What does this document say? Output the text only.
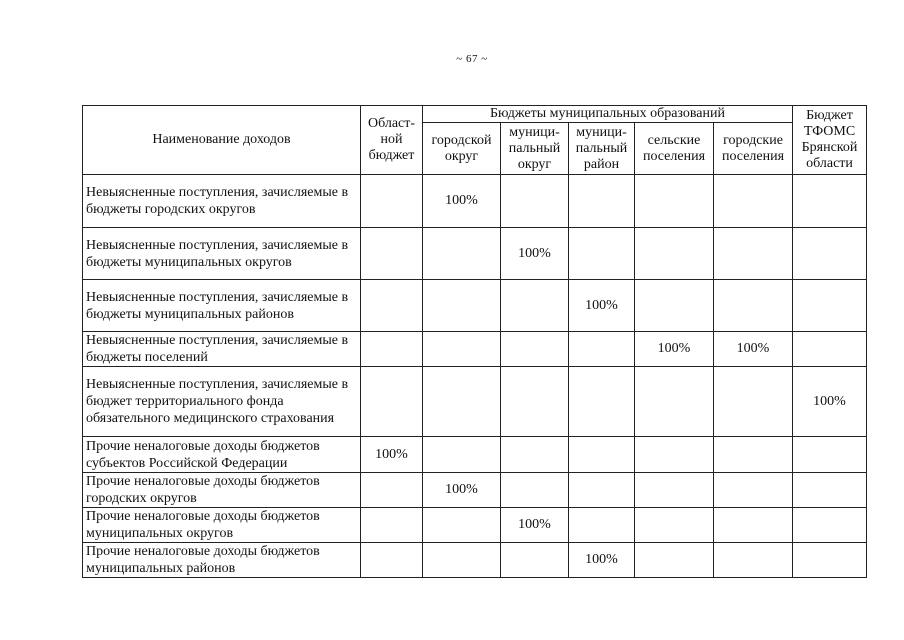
~ 67 ~
Наименование доходов	Област-
ной
бюджет	Бюджеты муниципальных образований					Бюджет
ТФОМС
Брянской
области
		городской
округ	муници-
пальный
округ	муници-
пальный
район	сельские
поселения	городские
поселения	
Невыясненные поступления, зачисляемые в бюджеты городских округов		100%					
Невыясненные поступления, зачисляемые в бюджеты муниципальных округов			100%				
Невыясненные поступления, зачисляемые в бюджеты муниципальных районов				100%			
Невыясненные поступления, зачисляемые в бюджеты поселений					100%	100%	
Невыясненные поступления, зачисляемые в бюджет территориального фонда обязательного медицинского страхования							100%
Прочие неналоговые доходы бюджетов субъектов Российской Федерации	100%						
Прочие неналоговые доходы бюджетов городских округов		100%					
Прочие неналоговые доходы бюджетов муниципальных округов			100%				
Прочие неналоговые доходы бюджетов муниципальных районов				100%			
